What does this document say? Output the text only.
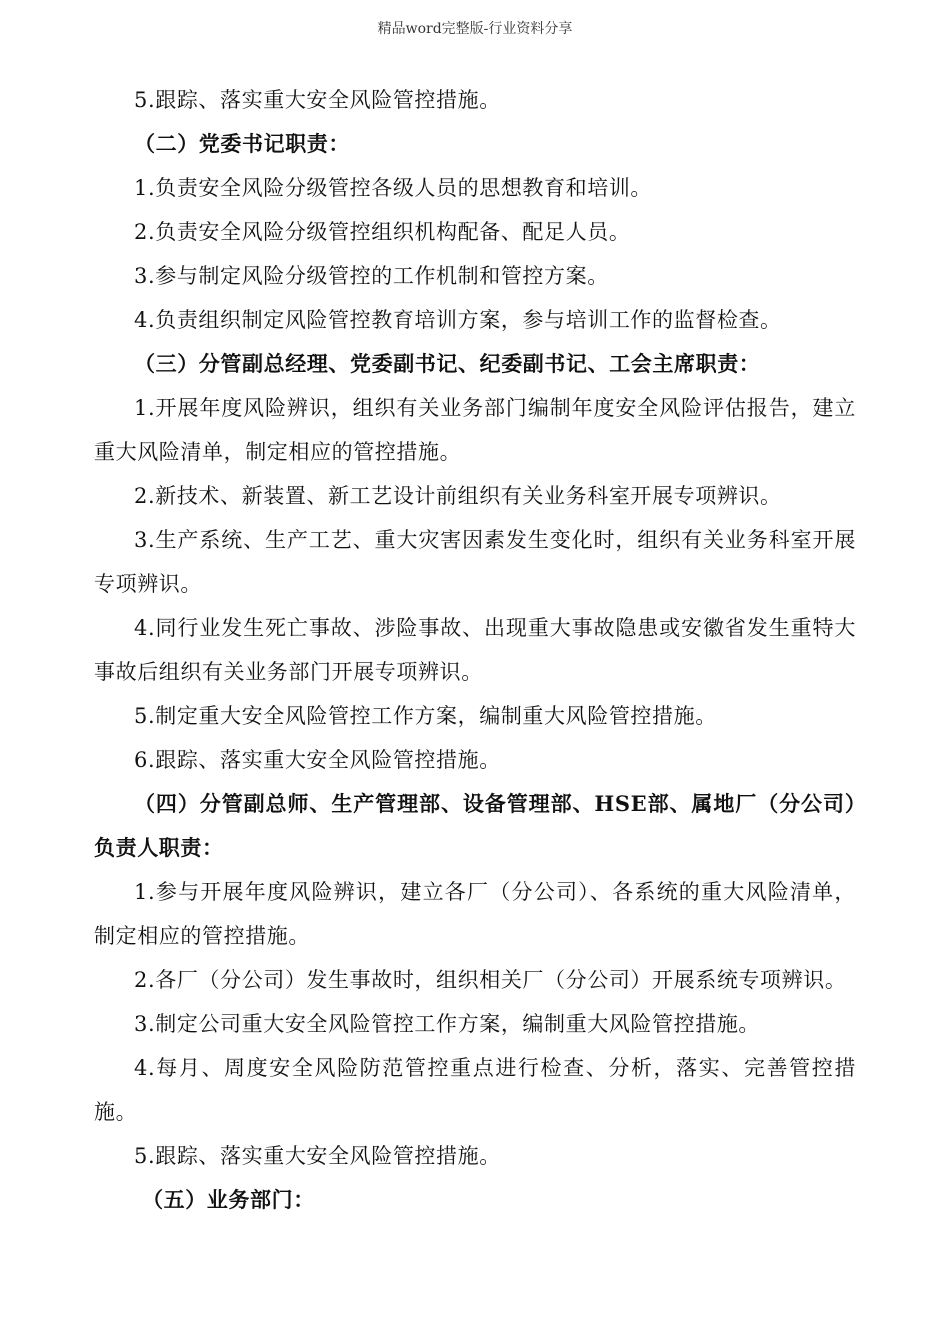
精品word完整版-行业资料分享
5.跟踪、落实重大安全风险管控措施。
（二）党委书记职责：
1.负责安全风险分级管控各级人员的思想教育和培训。
2.负责安全风险分级管控组织机构配备、配足人员。
3.参与制定风险分级管控的工作机制和管控方案。
4.负责组织制定风险管控教育培训方案，参与培训工作的监督检查。
（三）分管副总经理、党委副书记、纪委副书记、工会主席职责：
1.开展年度风险辨识，组织有关业务部门编制年度安全风险评估报告，建立重大风险清单，制定相应的管控措施。
2.新技术、新装置、新工艺设计前组织有关业务科室开展专项辨识。
3.生产系统、生产工艺、重大灾害因素发生变化时，组织有关业务科室开展专项辨识。
4.同行业发生死亡事故、涉险事故、出现重大事故隐患或安徽省发生重特大事故后组织有关业务部门开展专项辨识。
5.制定重大安全风险管控工作方案，编制重大风险管控措施。
6.跟踪、落实重大安全风险管控措施。
（四）分管副总师、生产管理部、设备管理部、HSE部、属地厂（分公司）负责人职责：
1.参与开展年度风险辨识，建立各厂（分公司）、各系统的重大风险清单，制定相应的管控措施。
2.各厂（分公司）发生事故时，组织相关厂（分公司）开展系统专项辨识。
3.制定公司重大安全风险管控工作方案，编制重大风险管控措施。
4.每月、周度安全风险防范管控重点进行检查、分析，落实、完善管控措施。
5.跟踪、落实重大安全风险管控措施。
（五）业务部门：
